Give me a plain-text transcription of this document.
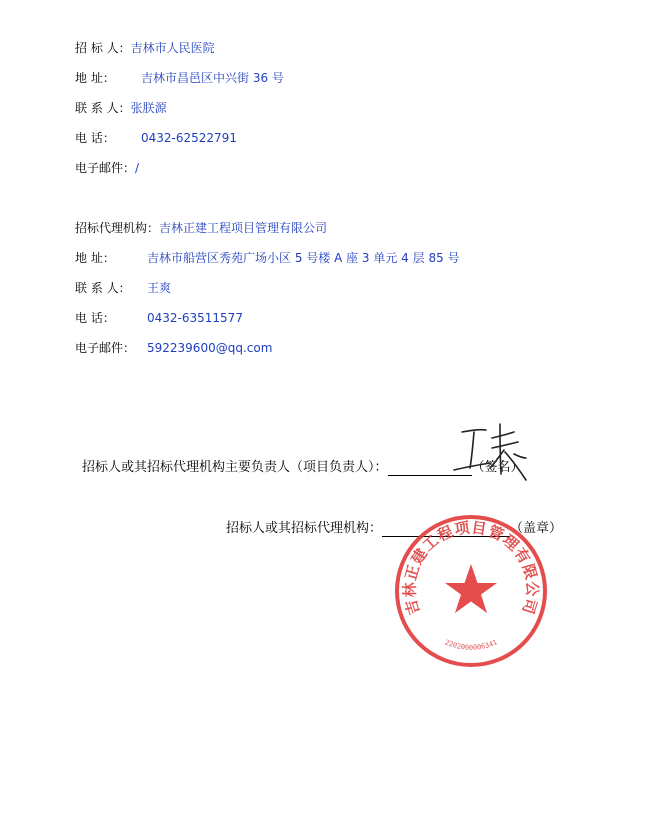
招 标 人：吉林市人民医院
地 址： 吉林市昌邑区中兴街 36 号
联 系 人：张朕源
电 话： 0432-62522791
电子邮件：/
招标代理机构：吉林正建工程项目管理有限公司
地 址：	吉林市船营区秀苑广场小区 5 号楼 A 座 3 单元 4 层 85 号
联 系 人： 王爽
电 话：	0432-63511577
电子邮件： 592239600@qq.com
招标人或其招标代理机构主要负责人（项目负责人）：	（签名）
招标人或其招标代理机构：	（盖章）
吉林正建工程项目管理有限公司
2202000006341
